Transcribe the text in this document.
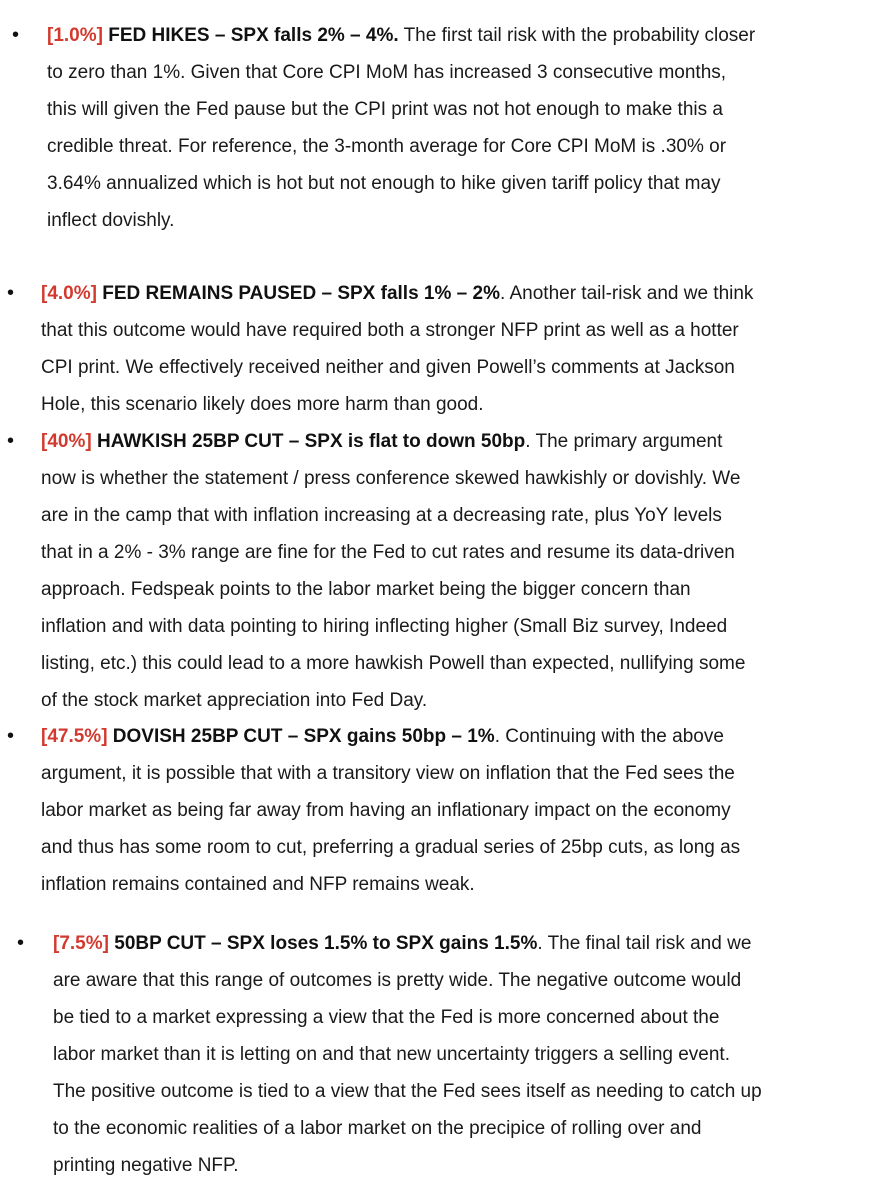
• [1.0%] FED HIKES – SPX falls 2% – 4%. The first tail risk with the probability closer
to zero than 1%. Given that Core CPI MoM has increased 3 consecutive months,
this will given the Fed pause but the CPI print was not hot enough to make this a
credible threat. For reference, the 3-month average for Core CPI MoM is .30% or
3.64% annualized which is hot but not enough to hike given tariff policy that may
inflect dovishly.
• [4.0%] FED REMAINS PAUSED – SPX falls 1% – 2%. Another tail-risk and we think
that this outcome would have required both a stronger NFP print as well as a hotter
CPI print. We effectively received neither and given Powell’s comments at Jackson
Hole, this scenario likely does more harm than good.
• [40%] HAWKISH 25BP CUT – SPX is flat to down 50bp. The primary argument
now is whether the statement / press conference skewed hawkishly or dovishly. We
are in the camp that with inflation increasing at a decreasing rate, plus YoY levels
that in a 2% - 3% range are fine for the Fed to cut rates and resume its data-driven
approach. Fedspeak points to the labor market being the bigger concern than
inflation and with data pointing to hiring inflecting higher (Small Biz survey, Indeed
listing, etc.) this could lead to a more hawkish Powell than expected, nullifying some
of the stock market appreciation into Fed Day.
• [47.5%] DOVISH 25BP CUT – SPX gains 50bp – 1%. Continuing with the above
argument, it is possible that with a transitory view on inflation that the Fed sees the
labor market as being far away from having an inflationary impact on the economy
and thus has some room to cut, preferring a gradual series of 25bp cuts, as long as
inflation remains contained and NFP remains weak.
• [7.5%] 50BP CUT – SPX loses 1.5% to SPX gains 1.5%. The final tail risk and we
are aware that this range of outcomes is pretty wide. The negative outcome would
be tied to a market expressing a view that the Fed is more concerned about the
labor market than it is letting on and that new uncertainty triggers a selling event.
The positive outcome is tied to a view that the Fed sees itself as needing to catch up
to the economic realities of a labor market on the precipice of rolling over and
printing negative NFP.
